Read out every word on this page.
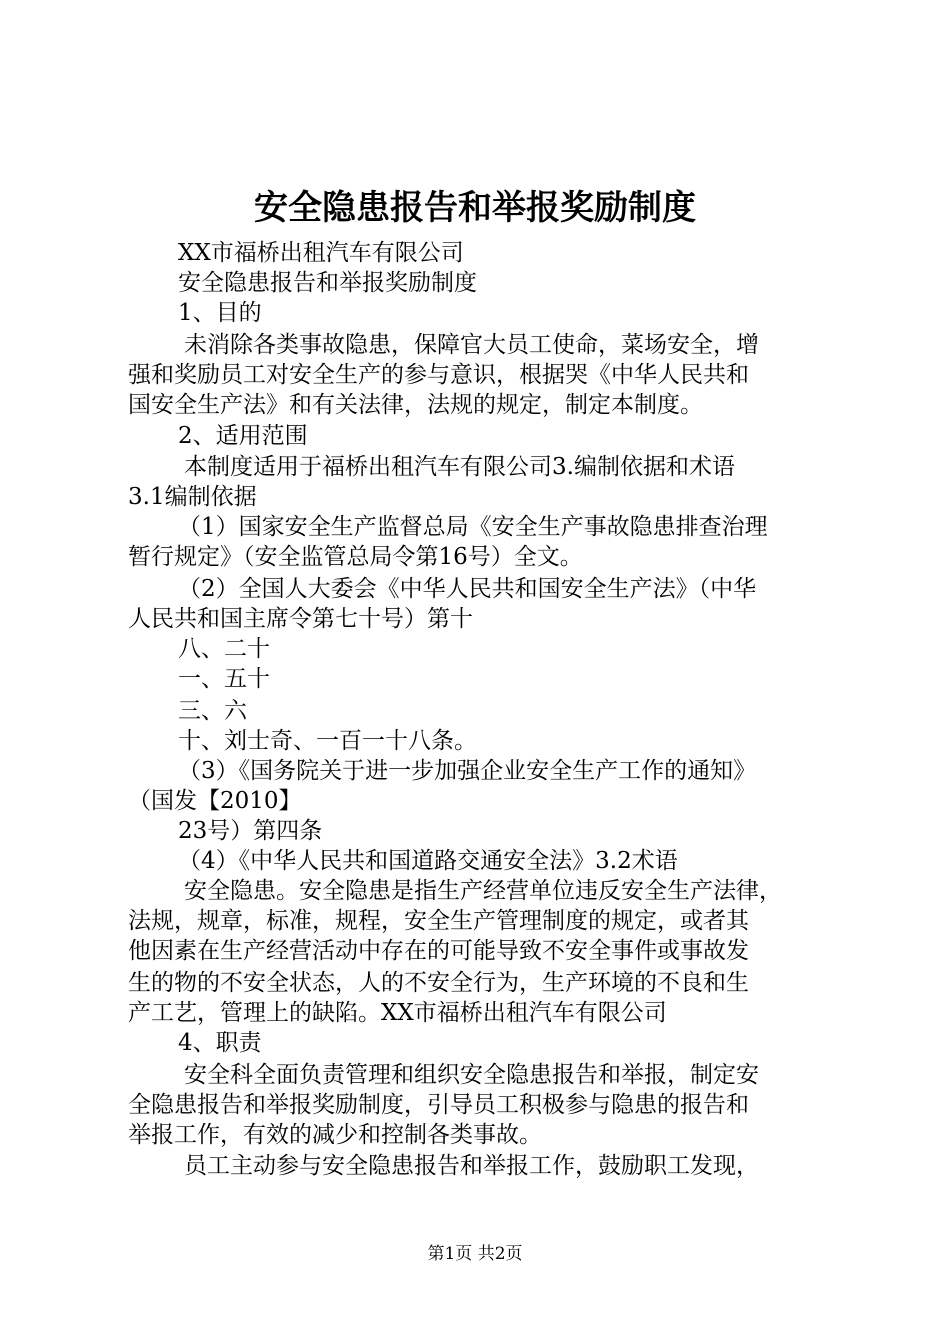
安全隐患报告和举报奖励制度
XX市福桥出租汽车有限公司
安全隐患报告和举报奖励制度
1、目的
未消除各类事故隐患，保障官大员工使命，菜场安全，增
强和奖励员工对安全生产的参与意识，根据哭《中华人民共和
国安全生产法》和有关法律，法规的规定，制定本制度。
2、适用范围
本制度适用于福桥出租汽车有限公司3.编制依据和术语
3.1编制依据
（1）国家安全生产监督总局《安全生产事故隐患排查治理
暂行规定》（安全监管总局令第16号）全文。
（2）全国人大委会《中华人民共和国安全生产法》（中华
人民共和国主席令第七十号）第十
八、二十
一、五十
三、六
十、刘士奇、一百一十八条。
（3）《国务院关于进一步加强企业安全生产工作的通知》
（国发【2010】
23号）第四条
（4）《中华人民共和国道路交通安全法》3.2术语
安全隐患。安全隐患是指生产经营单位违反安全生产法律，
法规，规章，标准，规程，安全生产管理制度的规定，或者其
他因素在生产经营活动中存在的可能导致不安全事件或事故发
生的物的不安全状态，人的不安全行为，生产环境的不良和生
产工艺，管理上的缺陷。XX市福桥出租汽车有限公司
4、职责
安全科全面负责管理和组织安全隐患报告和举报，制定安
全隐患报告和举报奖励制度，引导员工积极参与隐患的报告和
举报工作，有效的减少和控制各类事故。
员工主动参与安全隐患报告和举报工作，鼓励职工发现，
第1页 共2页
